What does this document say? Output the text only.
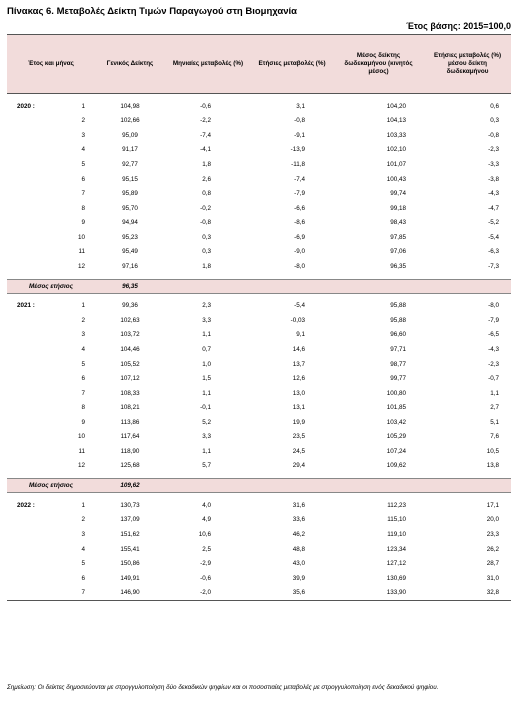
Πίνακας 6. Μεταβολές Δείκτη Τιμών Παραγωγού στη Βιομηχανία
Έτος βάσης: 2015=100,0
Έτος και μήνας		Γενικός Δείκτης	Μηνιαίες μεταβολές (%)	Ετήσιες μεταβολές (%)	Μέσος δείκτης δωδεκαμήνου (κινητός μέσος)	Ετήσιες μεταβολές (%) μέσου δείκτη δωδεκαμήνου

2020 :	1	104,98	-0,6	3,1	104,20	0,6
	2	102,66	-2,2	-0,8	104,13	0,3
	3	95,09	-7,4	-9,1	103,33	-0,8
	4	91,17	-4,1	-13,9	102,10	-2,3
	5	92,77	1,8	-11,8	101,07	-3,3
	6	95,15	2,6	-7,4	100,43	-3,8
	7	95,89	0,8	-7,9	99,74	-4,3
	8	95,70	-0,2	-6,6	99,18	-4,7
	9	94,94	-0,8	-8,6	98,43	-5,2
	10	95,23	0,3	-6,9	97,85	-5,4
	11	95,49	0,3	-9,0	97,06	-6,3
	12	97,16	1,8	-8,0	96,35	-7,3

Μέσος ετήσιος		96,35				

2021 :	1	99,36	2,3	-5,4	95,88	-8,0
	2	102,63	3,3	-0,03	95,88	-7,9
	3	103,72	1,1	9,1	96,60	-6,5
	4	104,46	0,7	14,6	97,71	-4,3
	5	105,52	1,0	13,7	98,77	-2,3
	6	107,12	1,5	12,6	99,77	-0,7
	7	108,33	1,1	13,0	100,80	1,1
	8	108,21	-0,1	13,1	101,85	2,7
	9	113,86	5,2	19,9	103,42	5,1
	10	117,64	3,3	23,5	105,29	7,6
	11	118,90	1,1	24,5	107,24	10,5
	12	125,68	5,7	29,4	109,62	13,8

Μέσος ετήσιος		109,62				

2022 :	1	130,73	4,0	31,6	112,23	17,1
	2	137,09	4,9	33,6	115,10	20,0
	3	151,62	10,6	46,2	119,10	23,3
	4	155,41	2,5	48,8	123,34	26,2
	5	150,86	-2,9	43,0	127,12	28,7
	6	149,91	-0,6	39,9	130,69	31,0
	7	146,90	-2,0	35,6	133,90	32,8
Σημείωση: Οι δείκτες δημοσιεύονται με στρογγυλοποίηση δύο δεκαδικών ψηφίων και οι ποσοστιαίες μεταβολές με στρογγυλοποίηση ενός δεκαδικού ψηφίου.
